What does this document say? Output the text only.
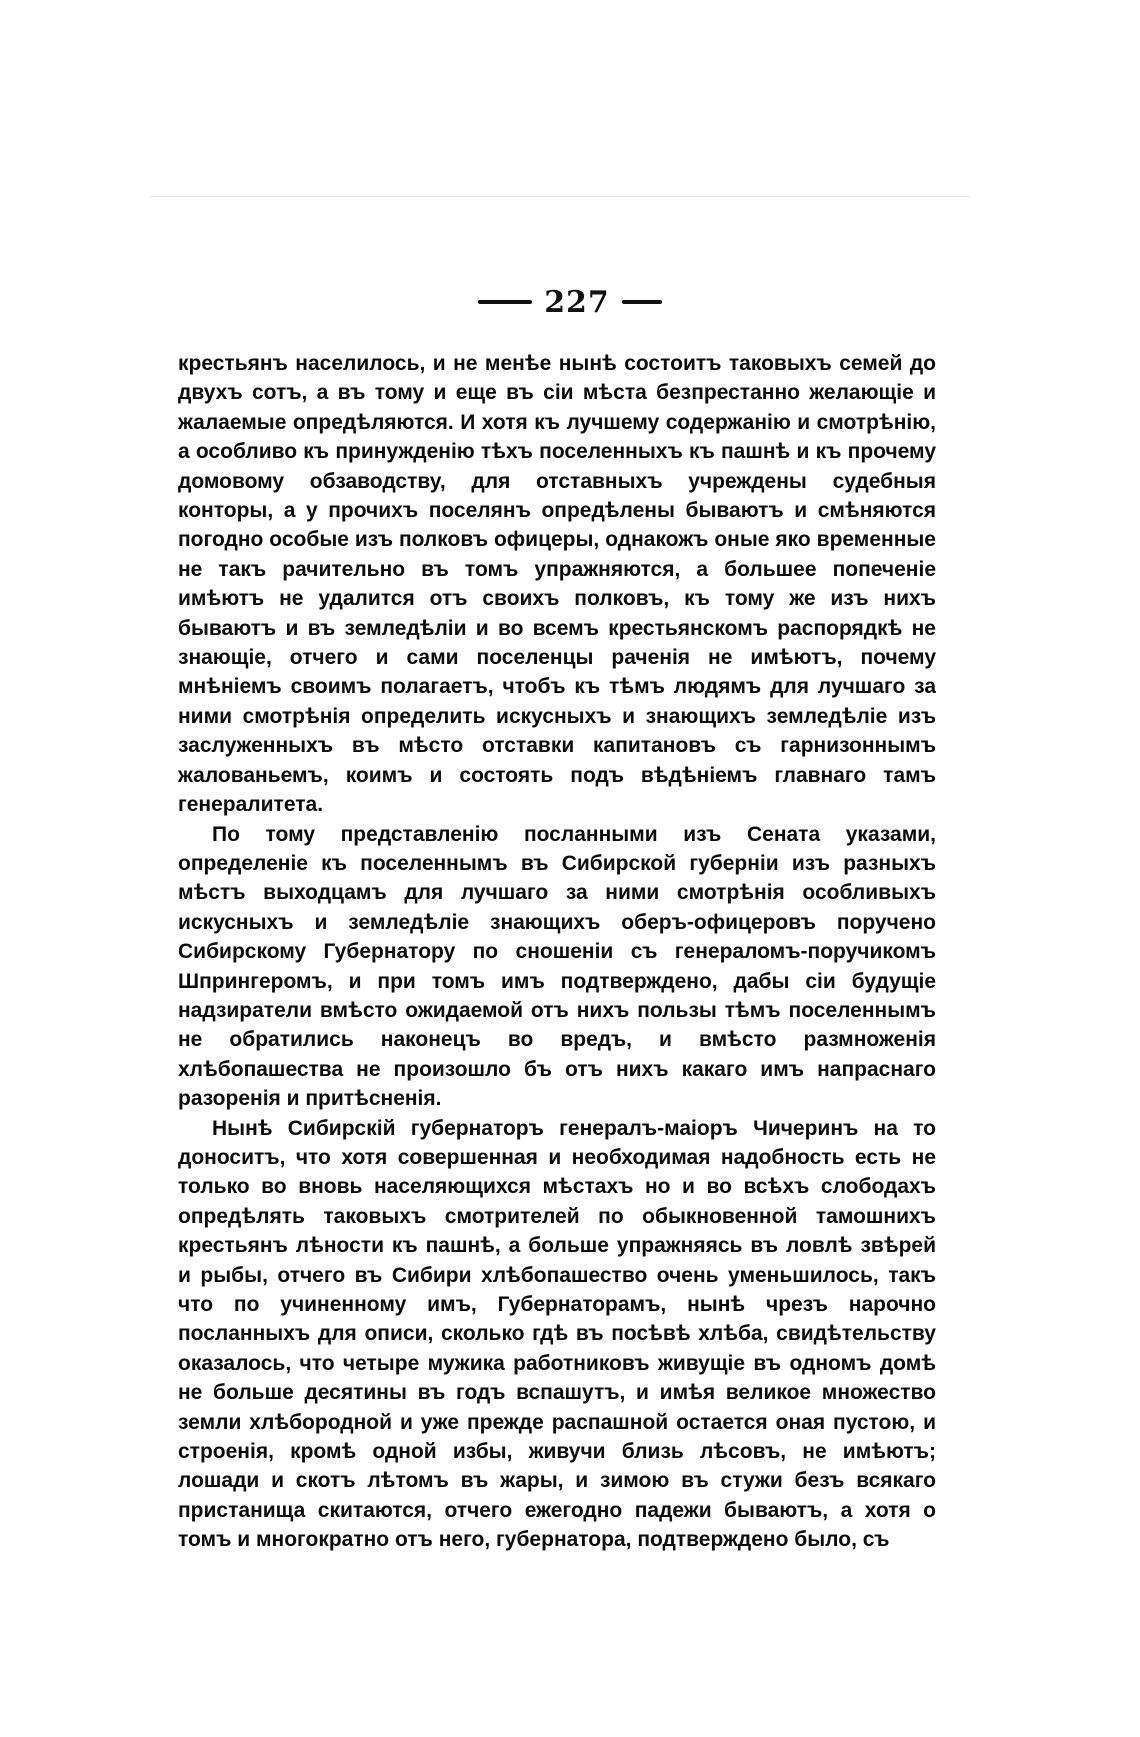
227

крестьянъ населилось, и не менѣе нынѣ состоитъ таковыхъ семей до двухъ сотъ, а въ тому и еще въ сіи мѣста безпрестанно желающіе и жалаемые опредѣляются. И хотя къ лучшему содержанію и смотрѣнію, а особливо къ принужденію тѣхъ поселенныхъ къ пашнѣ и къ прочему домовому обзаводству, для отставныхъ учреждены судебныя конторы, а у прочихъ поселянъ опредѣлены бываютъ и смѣняются погодно особые изъ полковъ офицеры, однакожъ оные яко временные не такъ рачительно въ томъ упражняются, а большее попеченіе имѣютъ не удалится отъ своихъ полковъ, къ тому же изъ нихъ бываютъ и въ земледѣліи и во всемъ крестьянскомъ распорядкѣ не знающіе, отчего и сами поселенцы раченія не имѣютъ, почему мнѣніемъ своимъ полагаетъ, чтобъ къ тѣмъ людямъ для лучшаго за ними смотрѣнія определить искусныхъ и знающихъ земледѣліе изъ заслуженныхъ въ мѣсто отставки капитановъ съ гарнизоннымъ жалованьемъ, коимъ и состоять подъ вѣдѣніемъ главнаго тамъ генералитета.

По тому представленію посланными изъ Сената указами, определеніе къ поселеннымъ въ Сибирской губерніи изъ разныхъ мѣстъ выходцамъ для лучшаго за ними смотрѣнія особливыхъ искусныхъ и земледѣліе знающихъ оберъ-офицеровъ поручено Сибирскому Губернатору по сношеніи съ генераломъ-поручикомъ Шпрингеромъ, и при томъ имъ подтверждено, дабы сіи будущіе надзиратели вмѣсто ожидаемой отъ нихъ пользы тѣмъ поселеннымъ не обратились наконецъ во вредъ, и вмѣсто размноженія хлѣбопашества не произошло бъ отъ нихъ какаго имъ напраснаго разоренія и притѣсненія.

Нынѣ Сибирскій губернаторъ генералъ-маіоръ Чичеринъ на то доноситъ, что хотя совершенная и необходимая надобность есть не только во вновь населяющихся мѣстахъ но и во всѣхъ слободахъ опредѣлять таковыхъ смотрителей по обыкновенной тамошнихъ крестьянъ лѣности къ пашнѣ, а больше упражняясь въ ловлѣ звѣрей и рыбы, отчего въ Сибири хлѣбопашество очень уменьшилось, такъ что по учиненному имъ, Губернаторамъ, нынѣ чрезъ нарочно посланныхъ для описи, сколько гдѣ въ посѣвѣ хлѣба, свидѣтельству оказалось, что четыре мужика работниковъ живущіе въ одномъ домѣ не больше десятины въ годъ вспашутъ, и имѣя великое множество земли хлѣбородной и уже прежде распашной остается оная пустою, и строенія, кромѣ одной избы, живучи близь лѣсовъ, не имѣютъ; лошади и скотъ лѣтомъ въ жары, и зимою въ стужи безъ всякаго пристанища скитаются, отчего ежегодно падежи бываютъ, а хотя о томъ и многократно отъ него, губернатора, подтверждено было, съ
